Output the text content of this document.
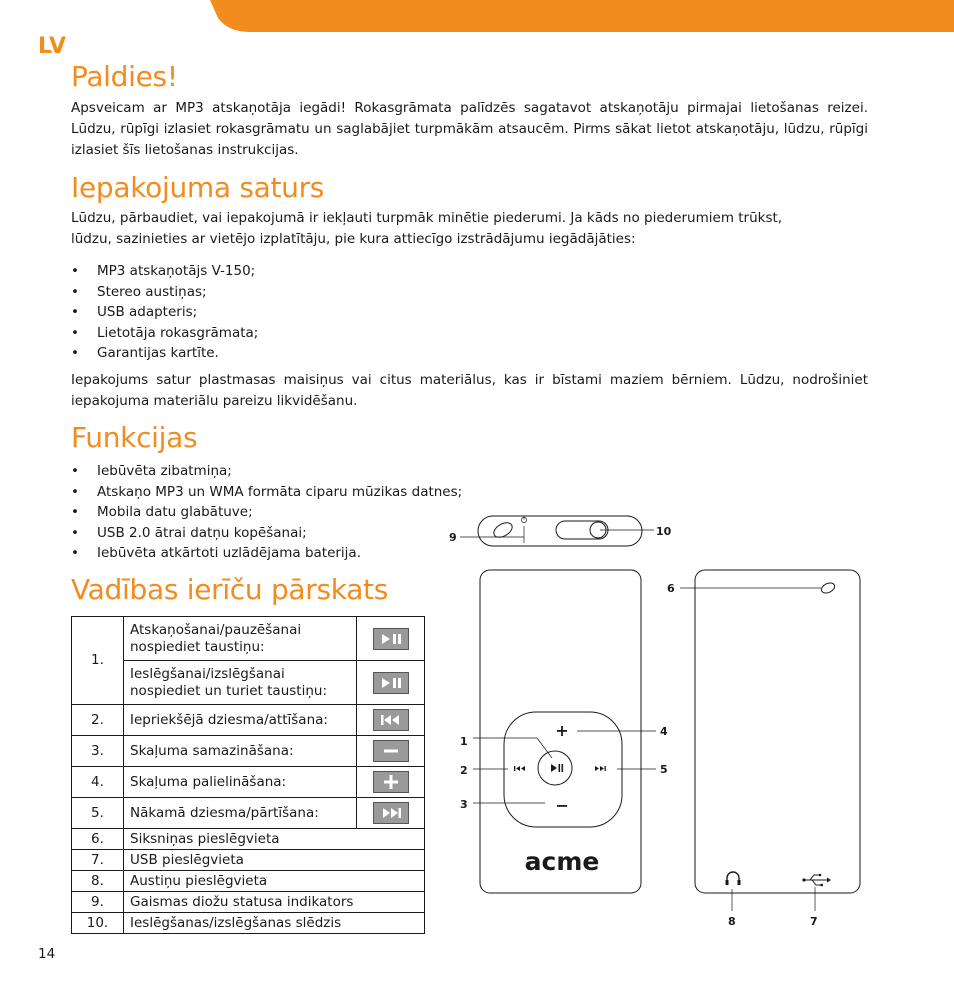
LV
Paldies!

Apsveicam ar MP3 atskaņotāja iegādi! Rokasgrāmata palīdzēs sagatavot atskaņotāju pirmajai lietošanas reizei. Lūdzu, rūpīgi izlasiet rokasgrāmatu un saglabājiet turpmākām atsaucēm. Pirms sākat lietot atskaņotāju, lūdzu, rūpīgi izlasiet šīs lietošanas instrukcijas.

Iepakojuma saturs

Lūdzu, pārbaudiet, vai iepakojumā ir iekļauti turpmāk minētie piederumi. Ja kāds no piederumiem trūkst,

lūdzu, sazinieties ar vietējo izplatītāju, pie kura attiecīgo izstrādājumu iegādājāties:

• MP3 atskaņotājs V-150;
• Stereo austiņas;
• USB adapteris;
• Lietotāja rokasgrāmata;
• Garantijas kartīte.

Iepakojums satur plastmasas maisiņus vai citus materiālus, kas ir bīstami maziem bērniem. Lūdzu, nodrošiniet iepakojuma materiālu pareizu likvidēšanu.

Funkcijas
• Iebūvēta zibatmiņa;
• Atskaņo MP3 un WMA formāta ciparu mūzikas datnes;
• Mobila datu glabātuve;
• USB 2.0 ātrai datņu kopēšanai;
• Iebūvēta atkārtoti uzlādējama baterija.
Vadības ierīču pārskats
1.	Atskaņošanai/pauzēšanai
nospiediet taustiņu:	

	Ieslēgšanai/izslēgšanai
nospiediet un turiet taustiņu:	

2.	Iepriekšējā dziesma/attīšana:	

3.	Skaļuma samazināšana:	

4.	Skaļuma palielināšana:	

5.	Nākamā dziesma/pārtīšana:	

6.	Siksniņas pieslēgvieta	
7.	USB pieslēgvieta	
8.	Austiņu pieslēgvieta	
9.	Gaismas diožu statusa indikators	
10.	Ieslēgšanas/izslēgšanas slēdzis	
14
9	10
1
2
3
4
5
acme
6
8	7
